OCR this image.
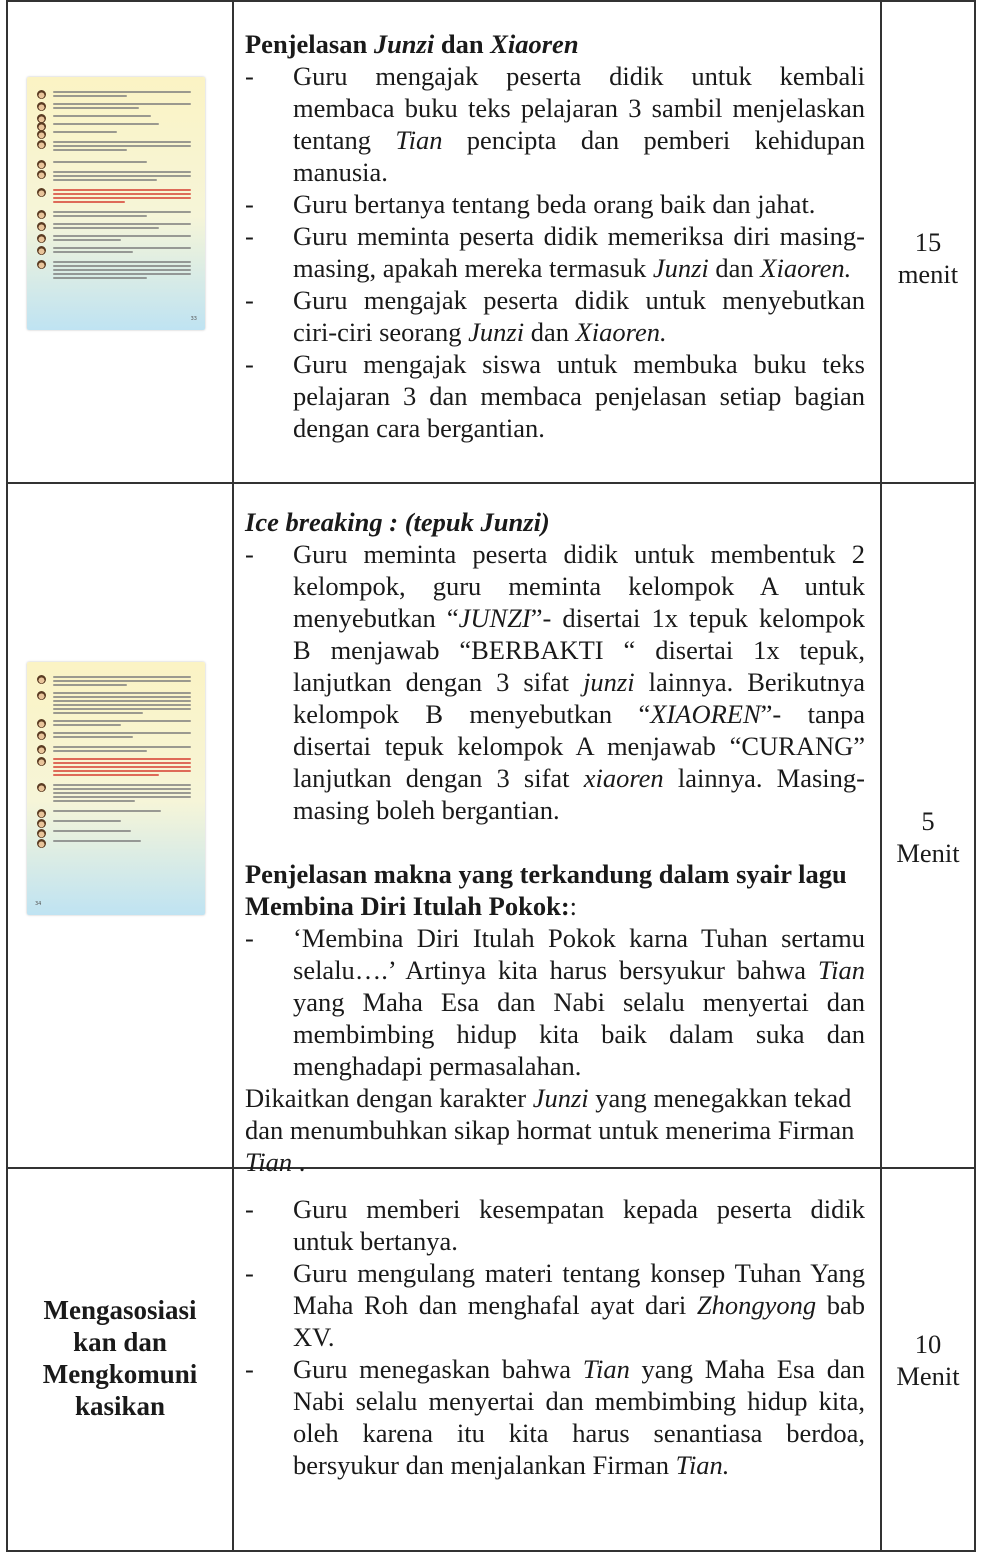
33
Penjelasan Junzi dan Xiaoren
-
Guru mengajak peserta didik untuk kembali membaca buku teks pelajaran 3 sambil menjelaskan tentang Tian pencipta dan pemberi kehidupan manusia.
-
Guru bertanya tentang beda orang baik dan jahat.
-
Guru meminta peserta didik memeriksa diri masing-masing, apakah mereka termasuk Junzi dan Xiaoren.
-
Guru mengajak peserta didik untuk menyebutkan ciri-ciri seorang Junzi dan Xiaoren.
-
Guru mengajak siswa untuk membuka buku teks pelajaran 3 dan membaca penjelasan setiap bagian dengan cara bergantian.
15
menit
34
Ice breaking : (tepuk Junzi)
-
Guru meminta peserta didik untuk membentuk 2 kelompok, guru meminta kelompok A untuk menyebutkan “JUNZI”- disertai 1x tepuk kelompok B menjawab “BERBAKTI “ disertai 1x tepuk, lanjutkan dengan 3 sifat junzi lainnya. Berikutnya kelompok B menyebutkan “XIAOREN”- tanpa disertai tepuk kelompok A menjawab “CURANG” lanjutkan dengan 3 sifat xiaoren lainnya. Masing-masing boleh bergantian.
Penjelasan makna yang terkandung dalam syair lagu Membina Diri Itulah Pokok::
-
‘Membina Diri Itulah Pokok karna Tuhan sertamu selalu….’ Artinya kita harus bersyukur bahwa Tian yang Maha Esa dan Nabi selalu menyertai dan membimbing hidup kita baik dalam suka dan menghadapi permasalahan.
Dikaitkan dengan karakter Junzi yang menegakkan tekad dan menumbuhkan sikap hormat untuk menerima Firman Tian .
5
Menit
Mengasosiasi
kan dan
Mengkomuni
kasikan
-
Guru memberi kesempatan kepada peserta didik untuk bertanya.
-
Guru mengulang materi tentang konsep Tuhan Yang Maha Roh dan menghafal ayat dari Zhongyong bab XV.
-
Guru menegaskan bahwa Tian yang Maha Esa dan Nabi selalu menyertai dan membimbing hidup kita, oleh karena itu kita harus senantiasa berdoa, bersyukur dan menjalankan Firman Tian.
10
Menit
